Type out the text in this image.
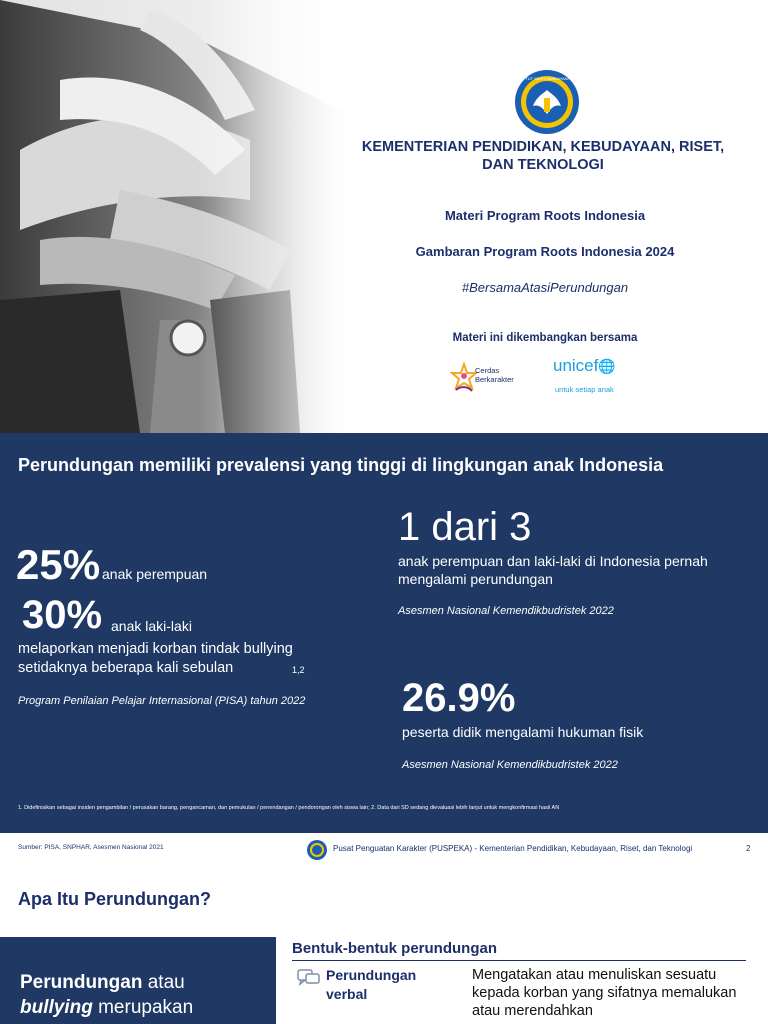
TUT WURI HANDAYANI
KEMENTERIAN PENDIDIKAN, KEBUDAYAAN, RISET,
DAN TEKNOLOGI
Materi Program Roots Indonesia
Gambaran Program Roots Indonesia 2024
#BersamaAtasiPerundungan
Materi ini dikembangkan bersama
Cerdas
Berkarakter
unicef🌐
untuk setiap anak
Perundungan memiliki prevalensi yang tinggi di lingkungan anak Indonesia
25% anak perempuan
30% anak laki-laki
melaporkan menjadi korban tindak bullying setidaknya beberapa kali sebulan	1,2
Program Penilaian Pelajar Internasional (PISA) tahun 2022
1 dari 3
anak perempuan dan laki-laki di Indonesia pernah mengalami perundungan
Asesmen Nasional Kemendikbudristek 2022
26.9%
peserta didik mengalami hukuman fisik
Asesmen Nasional Kemendikbudristek 2022
1. Didefinisikan sebagai insiden pengambilan / perusakan barang, pengancaman, dan pemukulan / penendangan / pendorongan oleh siswa lain; 2. Data dari SD sedang dievaluasi lebih lanjut untuk mengkonfirmasi hasil AN
Sumber: PISA, SNPHAR, Asesmen Nasional 2021	Pusat Penguatan Karakter (PUSPEKA) - Kementerian Pendidikan, Kebudayaan, Riset, dan Teknologi	2
Apa Itu Perundungan?
Perundungan atau
bullying merupakan
Bentuk-bentuk perundungan
Perundungan verbal
Mengatakan atau menuliskan sesuatu kepada korban yang sifatnya memalukan atau merendahkan
